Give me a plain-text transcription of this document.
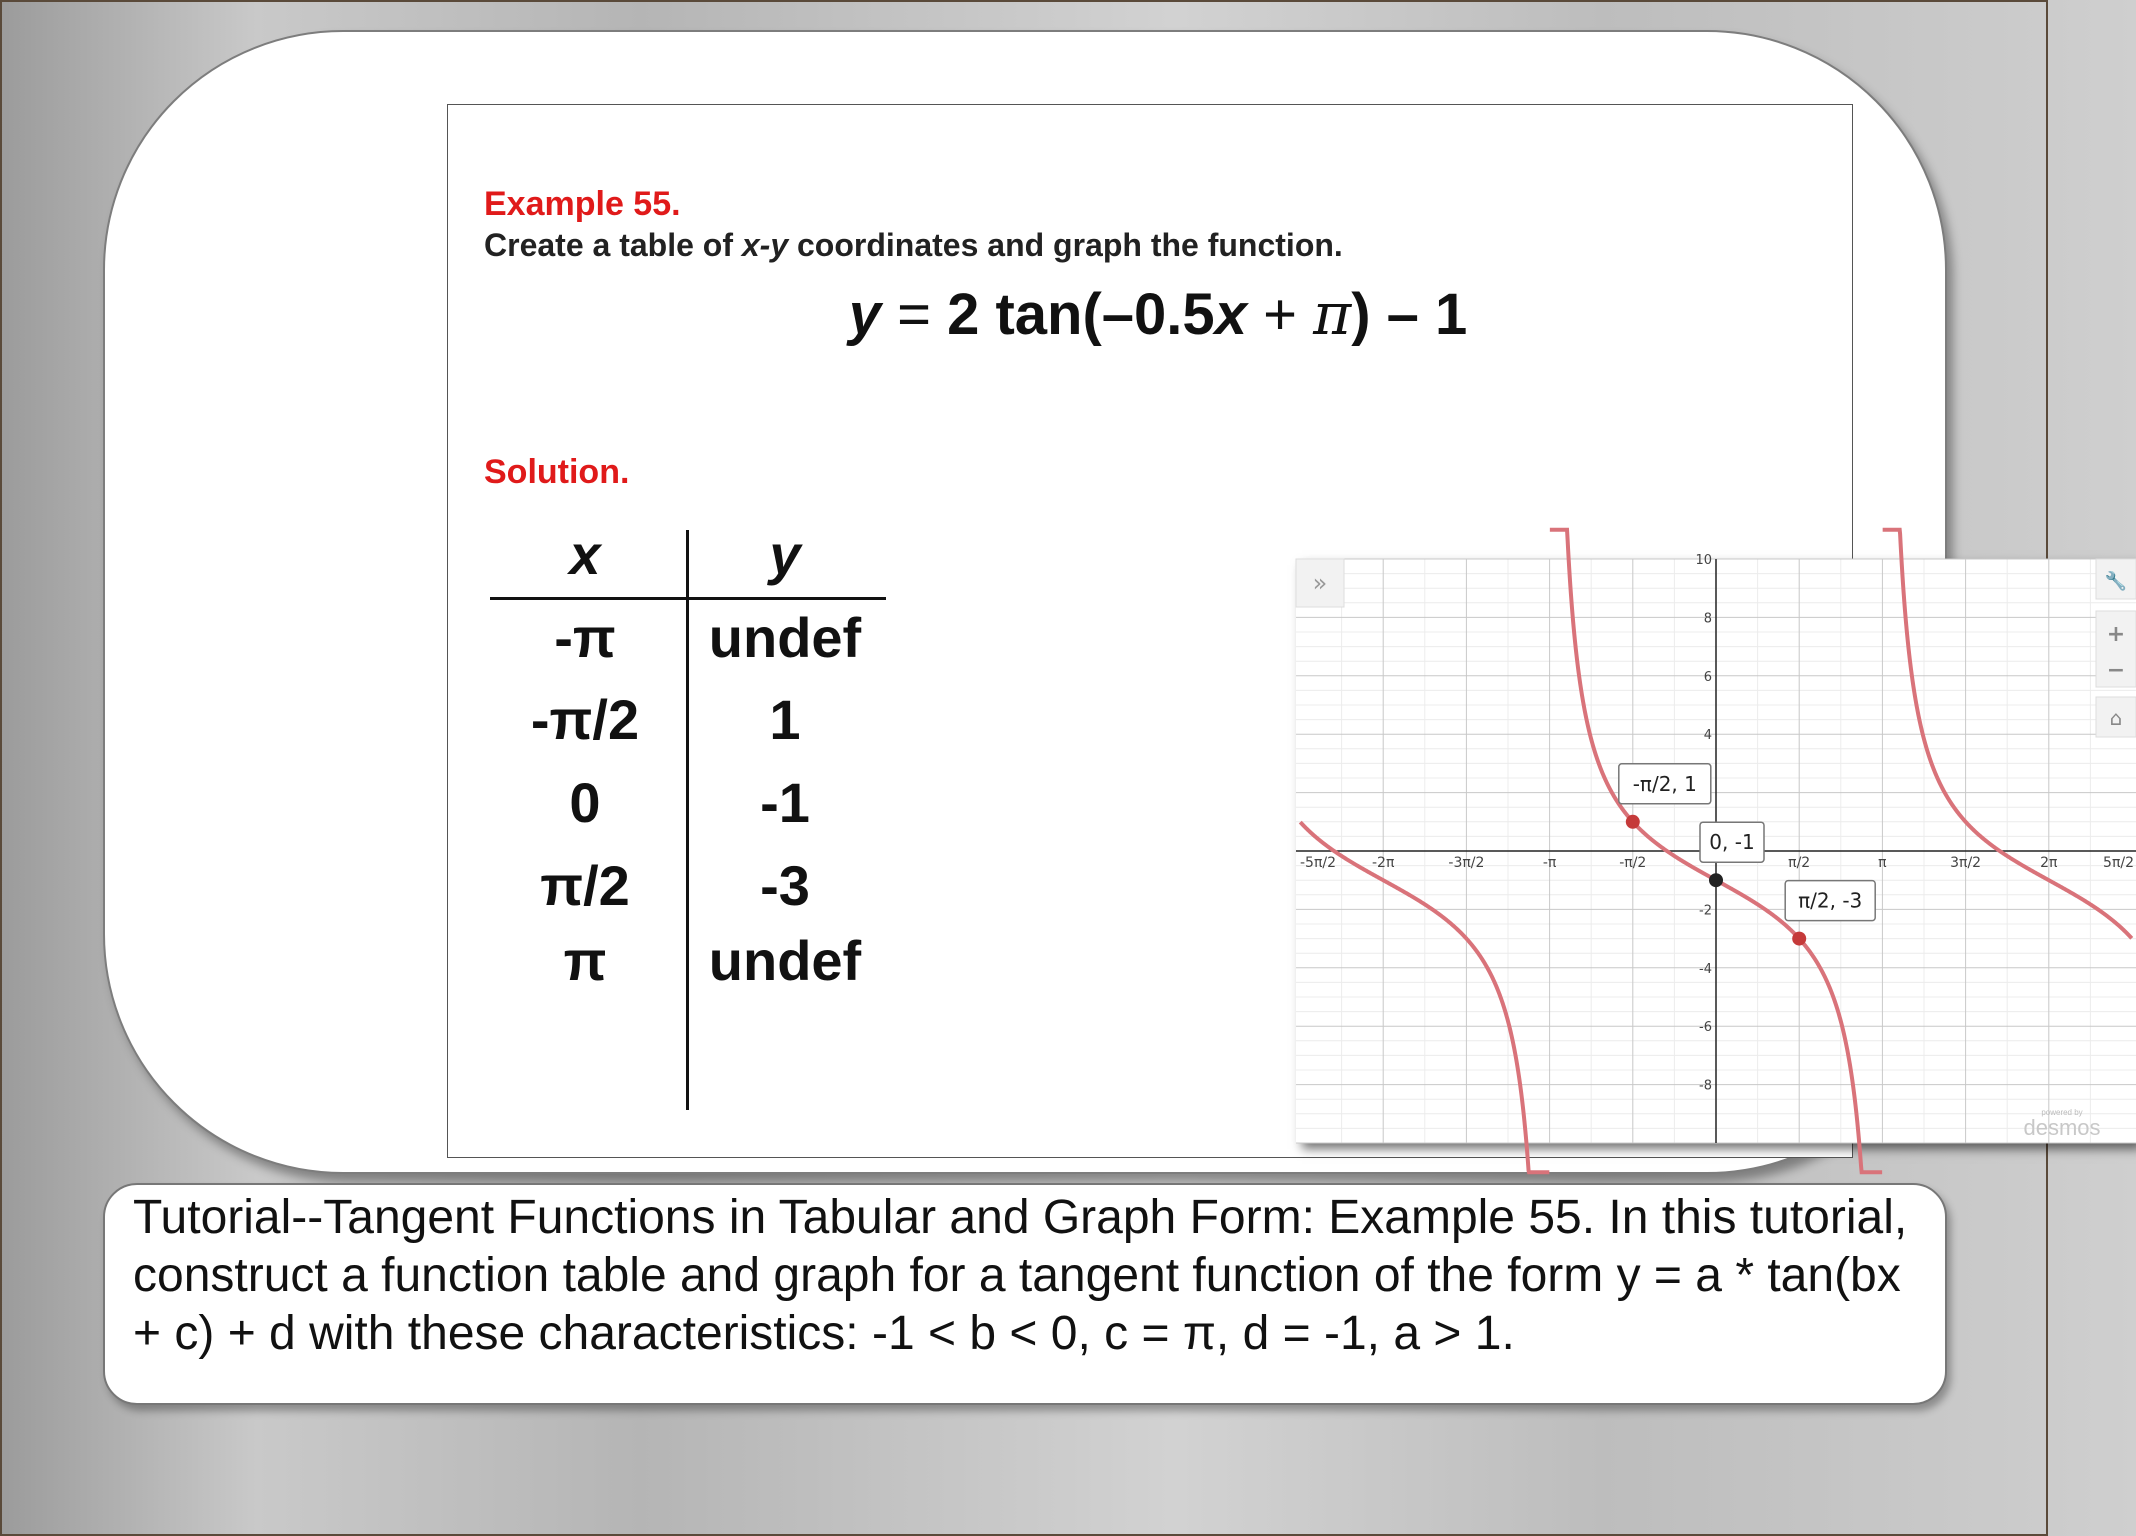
Example 55.
Create a table of x-y coordinates and graph the function.
y = 2 tan(–0.5x + π) – 1
Solution.
x	y
-π	undef
-π/2	1
0	-1
π/2	-3
π	undef
-5π/2	-2π	-3π/2	-π	-π/2	π/2	π	3π/2	2π	5π/2
10
8
6
4
-2
-4
-6
-8
-π/2, 1
0, -1
π/2, -3
»	🔧
+
−
⌂
powered by
desmos

Tutorial--Tangent Functions in Tabular and Graph Form: Example 55. In this tutorial, construct a function table and graph for a tangent function of the form y = a * tan(bx + c) + d with these characteristics: -1 < b < 0, c = π, d = -1, a > 1.
